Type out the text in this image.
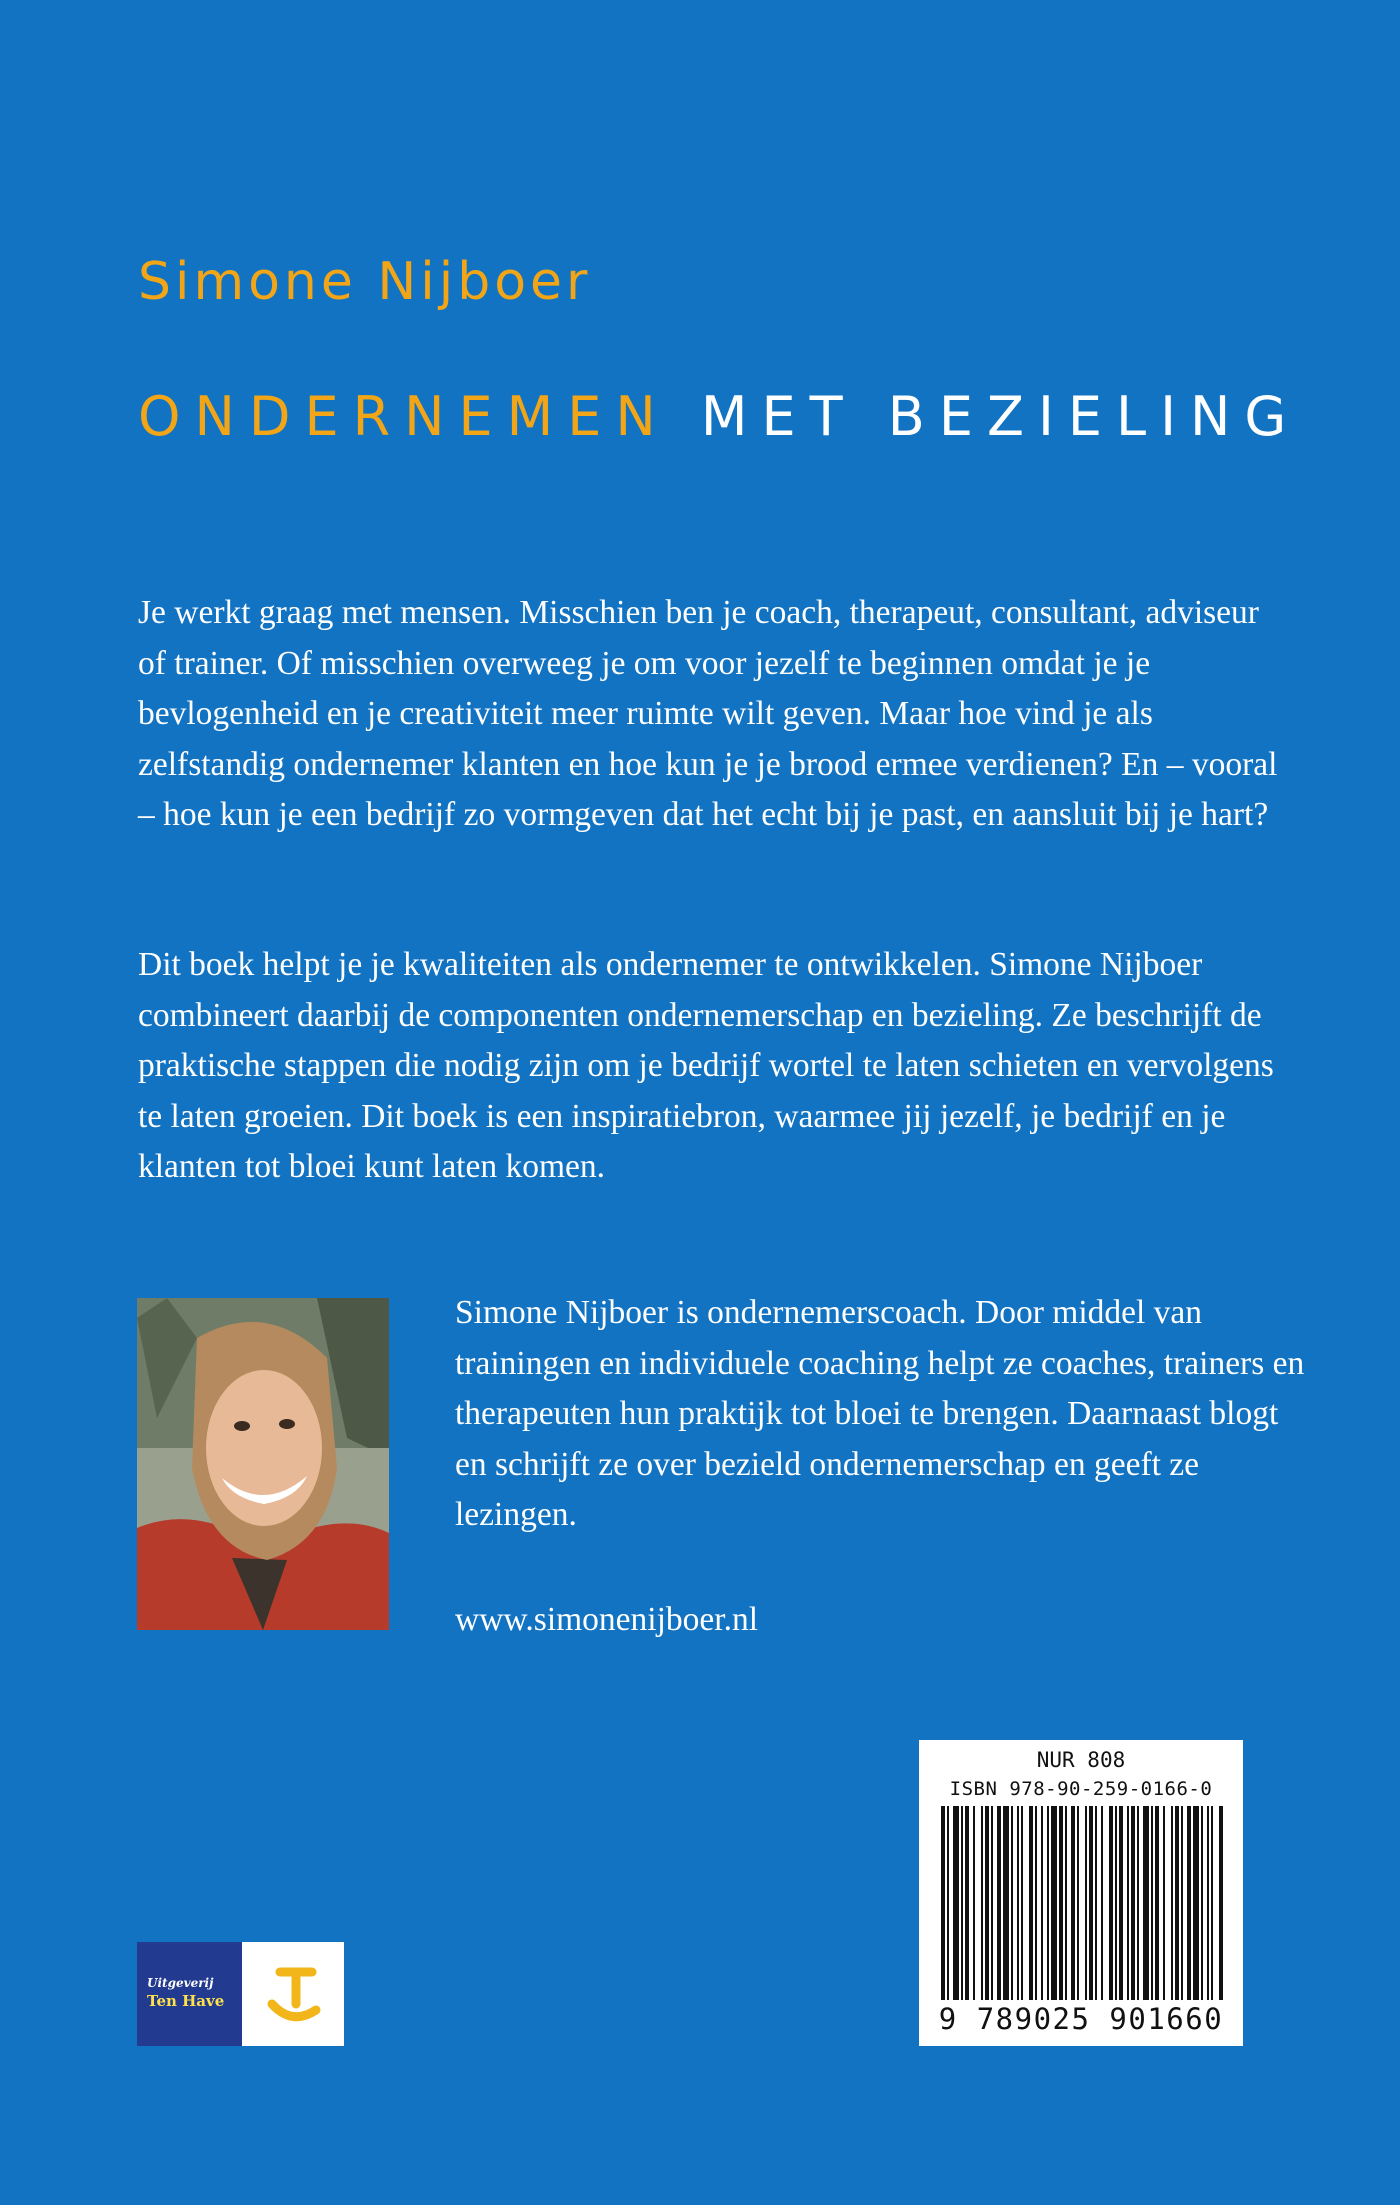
Simone Nijboer
ONDERNEMEN MET BEZIELING

Je werkt graag met mensen. Misschien ben je coach, therapeut, consultant, adviseur of trainer. Of misschien overweeg je om voor jezelf te beginnen omdat je je bevlogenheid en je creativiteit meer ruimte wilt geven. Maar hoe vind je als zelfstandig ondernemer klanten en hoe kun je je brood ermee verdienen? En – vooral – hoe kun je een bedrijf zo vormgeven dat het echt bij je past, en aansluit bij je hart?

Dit boek helpt je je kwaliteiten als ondernemer te ontwikkelen. Simone Nijboer combineert daarbij de componenten ondernemerschap en bezieling. Ze beschrijft de praktische stappen die nodig zijn om je bedrijf wortel te laten schieten en vervolgens te laten groeien. Dit boek is een inspiratiebron, waarmee jij jezelf, je bedrijf en je klanten tot bloei kunt laten komen.

Simone Nijboer is ondernemerscoach. Door middel van trainingen en individuele coaching helpt ze coaches, trainers en therapeuten hun praktijk tot bloei te brengen. Daarnaast blogt en schrijft ze over bezield ondernemerschap en geeft ze lezingen.

www.simonenijboer.nl

NUR 808
ISBN 978-90-259-0166-0
9 789025 901660
Uitgeverij
Ten Have
